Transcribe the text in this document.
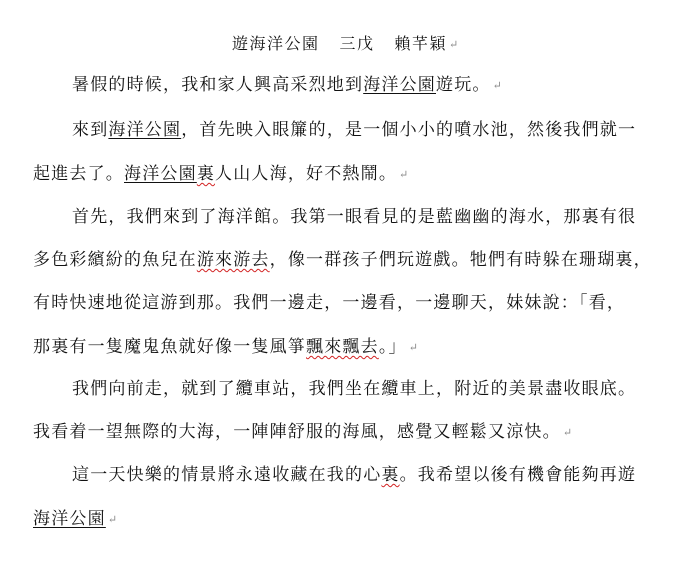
遊海洋公園 三戊 賴芊穎 ↵
暑假的時候，我和家人興高采烈地到海洋公園遊玩。 ↵
來到海洋公園，首先映入眼簾的，是一個小小的噴水池，然後我們就一
起進去了。海洋公園裏人山人海，好不熱鬧。 ↵
首先，我們來到了海洋館。我第一眼看見的是藍幽幽的海水，那裏有很
多色彩繽紛的魚兒在游來游去，像一群孩子們玩遊戲。牠們有時躲在珊瑚裏，
有時快速地從這游到那。我們一邊走，一邊看，一邊聊天，妹妹說：「看，
那裏有一隻魔鬼魚就好像一隻風箏飄來飄去。」 ↵
我們向前走，就到了纜車站，我們坐在纜車上，附近的美景盡收眼底。
我看着一望無際的大海，一陣陣舒服的海風，感覺又輕鬆又涼快。 ↵
這一天快樂的情景將永遠收藏在我的心裏。我希望以後有機會能夠再遊
海洋公園 ↵
